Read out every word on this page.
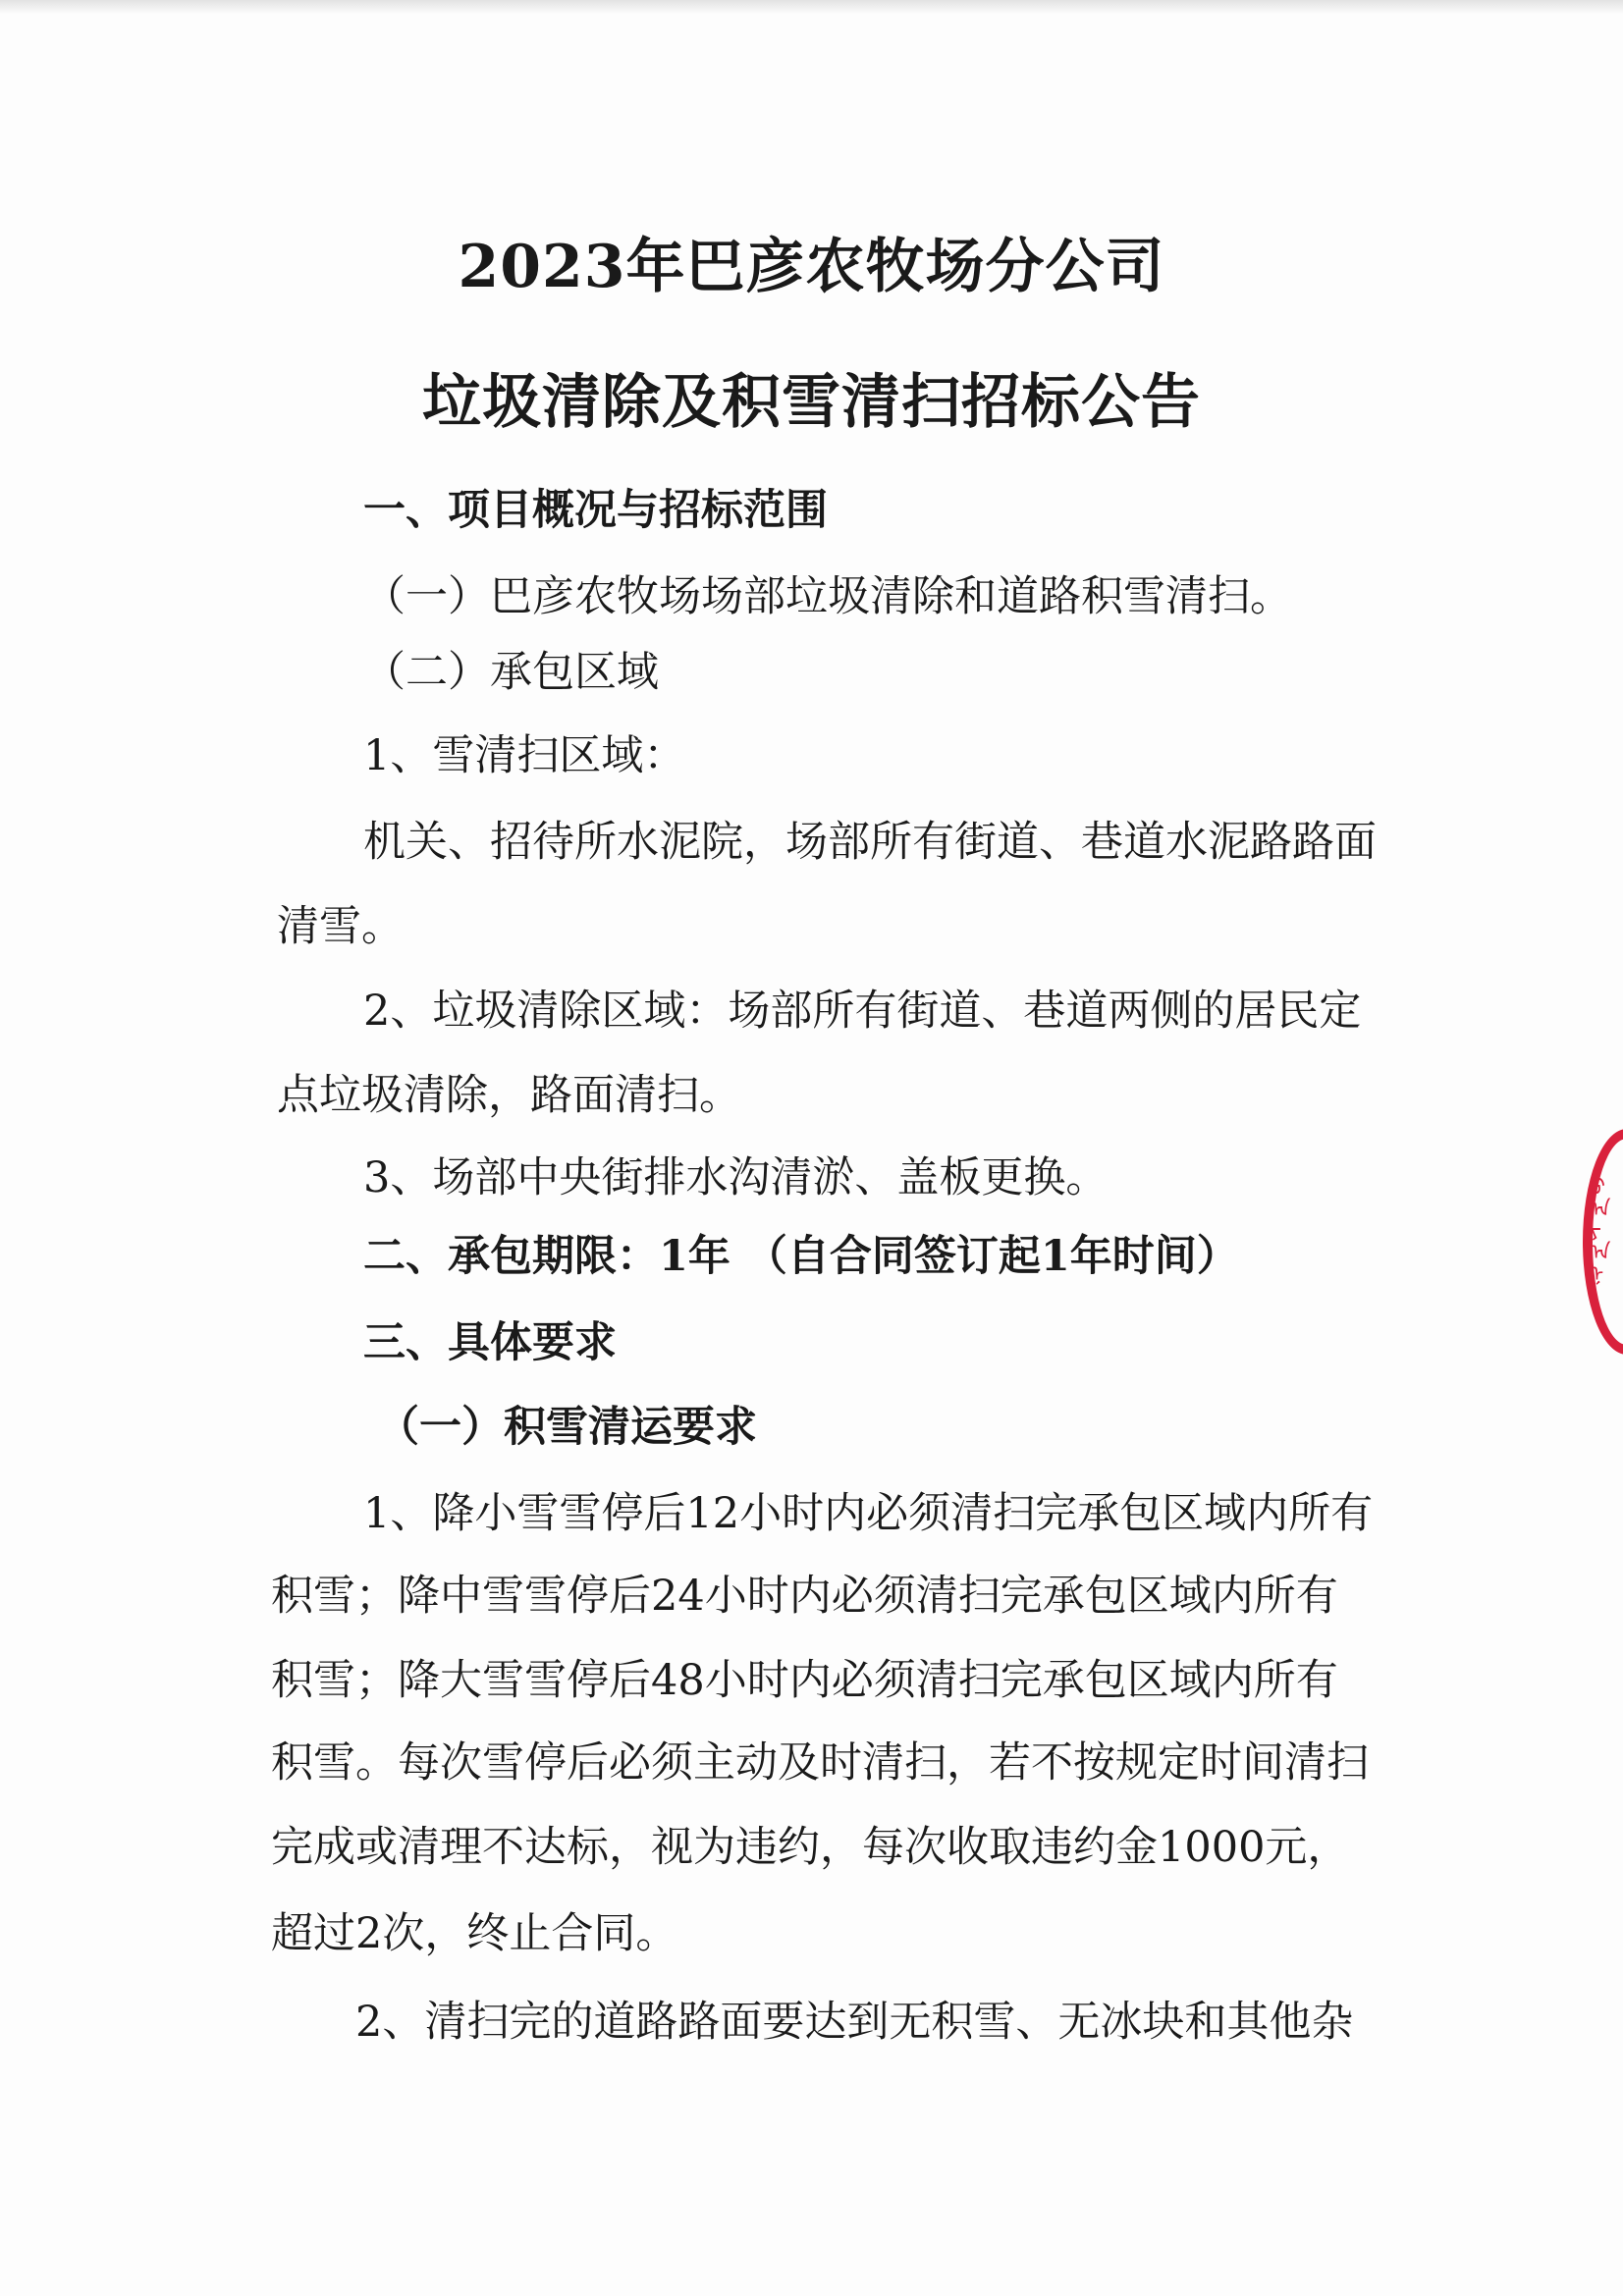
2023年巴彦农牧场分公司
垃圾清除及积雪清扫招标公告
一、项目概况与招标范围
（一）巴彦农牧场场部垃圾清除和道路积雪清扫。
（二）承包区域
1、雪清扫区域：
机关、招待所水泥院，场部所有街道、巷道水泥路路面
清雪。
2、垃圾清除区域：场部所有街道、巷道两侧的居民定
点垃圾清除，路面清扫。
3、场部中央街排水沟清淤、盖板更换。
二、承包期限：1年 （自合同签订起1年时间）
三、具体要求
（一）积雪清运要求
1、降小雪雪停后12小时内必须清扫完承包区域内所有
积雪；降中雪雪停后24小时内必须清扫完承包区域内所有
积雪；降大雪雪停后48小时内必须清扫完承包区域内所有
积雪。每次雪停后必须主动及时清扫，若不按规定时间清扫
完成或清理不达标，视为违约，每次收取违约金1000元，
超过2次，终止合同。
2、清扫完的道路路面要达到无积雪、无冰块和其他杂
ᠪ
ᠠ
ᠶ
ᠠ
ᠨ
